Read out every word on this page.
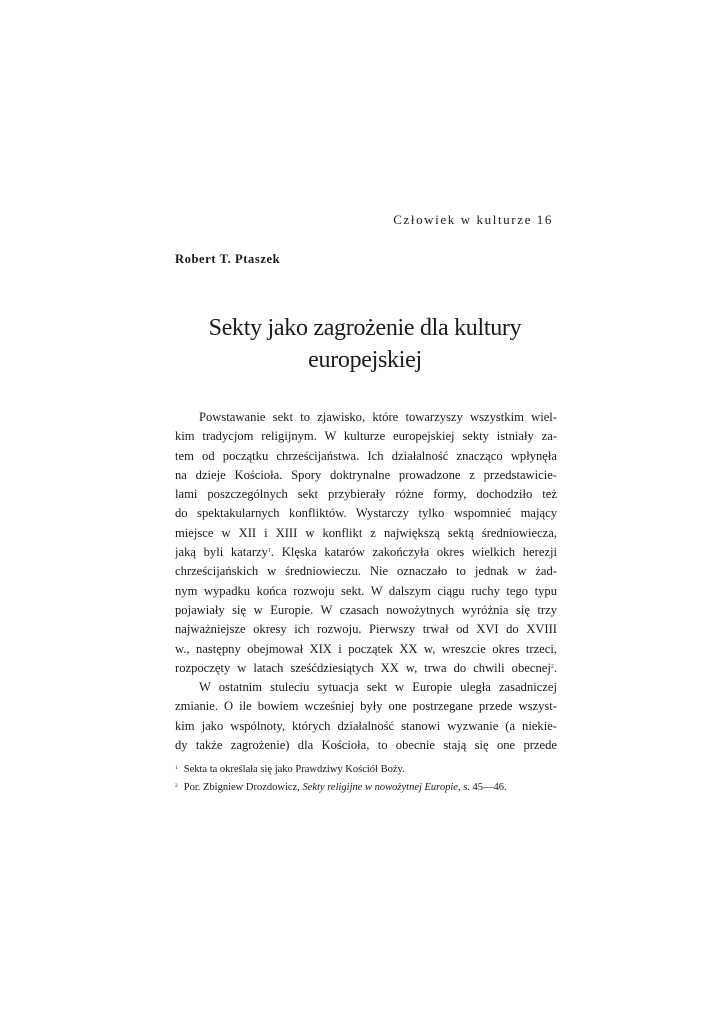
Człowiek w kulturze 16
Robert T. Ptaszek
Sekty jako zagrożenie dla kultury
europejskiej
Powstawanie sekt to zjawisko, które towarzyszy wszystkim wiel-
kim tradycjom religijnym. W kulturze europejskiej sekty istniały za-
tem od początku chrześcijaństwa. Ich działalność znacząco wpłynęła
na dzieje Kościoła. Spory doktrynalne prowadzone z przedstawicie-
lami poszczególnych sekt przybierały różne formy, dochodziło też
do spektakularnych konfliktów. Wystarczy tylko wspomnieć mający
miejsce w XII i XIII w konflikt z największą sektą średniowiecza,
jaką byli katarzy$^1$. Klęska katarów zakończyła okres wielkich herezji
chrześcijańskich w średniowieczu. Nie oznaczało to jednak w żad-
nym wypadku końca rozwoju sekt. W dalszym ciągu ruchy tego typu
pojawiały się w Europie. W czasach nowożytnych wyróżnia się trzy
najważniejsze okresy ich rozwoju. Pierwszy trwał od XVI do XVIII
w., następny obejmował XIX i początek XX w, wreszcie okres trzeci,
rozpoczęty w latach sześćdziesiątych XX w, trwa do chwili obecnej$^2$.
W ostatnim stuleciu sytuacja sekt w Europie uległa zasadniczej
zmianie. O ile bowiem wcześniej były one postrzegane przede wszyst-
kim jako wspólnoty, których działalność stanowi wyzwanie (a niekie-
dy także zagrożenie) dla Kościoła, to obecnie stają się one przede
$^1$ Sekta ta określała się jako Prawdziwy Kościół Boży.
$^2$ Por. Zbigniew Drozdowicz, Sekty religijne w nowożytnej Europie, s. 45—46.
